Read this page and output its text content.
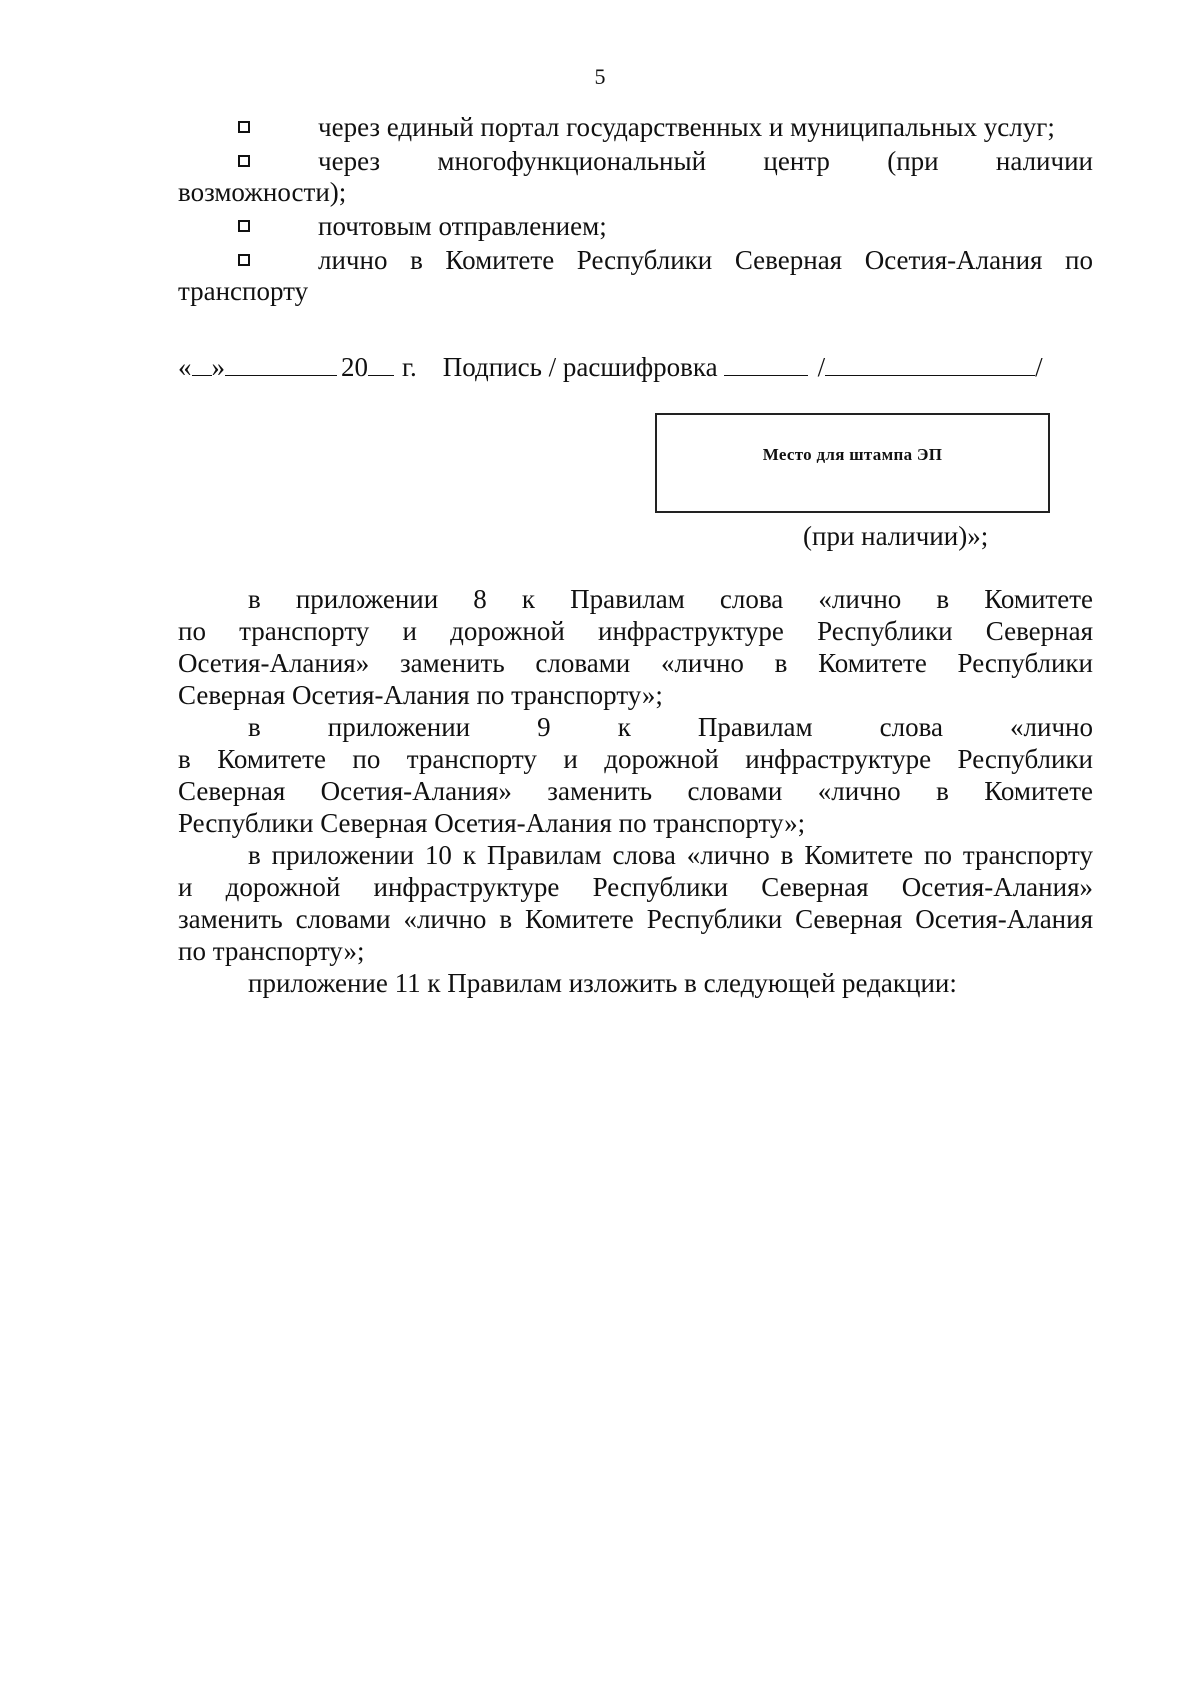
5
через единый портал государственных и муниципальных услуг;
через многофункциональный центр (при наличии
возможности);
почтовым отправлением;
лично в Комитете Республики Северная Осетия-Алания по
транспорту
« »	20 г. Подпись / расшифровка	/	/
Место для штампа ЭП
(при наличии)»;
в приложении 8 к Правилам слова «лично в Комитете
по транспорту и дорожной инфраструктуре Республики Северная
Осетия-Алания» заменить словами «лично в Комитете Республики
Северная Осетия-Алания по транспорту»;
в приложении 9 к Правилам слова «лично
в Комитете по транспорту и дорожной инфраструктуре Республики
Северная Осетия-Алания» заменить словами «лично в Комитете
Республики Северная Осетия-Алания по транспорту»;
в приложении 10 к Правилам слова «лично в Комитете по транспорту
и дорожной инфраструктуре Республики Северная Осетия-Алания»
заменить словами «лично в Комитете Республики Северная Осетия-Алания
по транспорту»;
приложение 11 к Правилам изложить в следующей редакции:
